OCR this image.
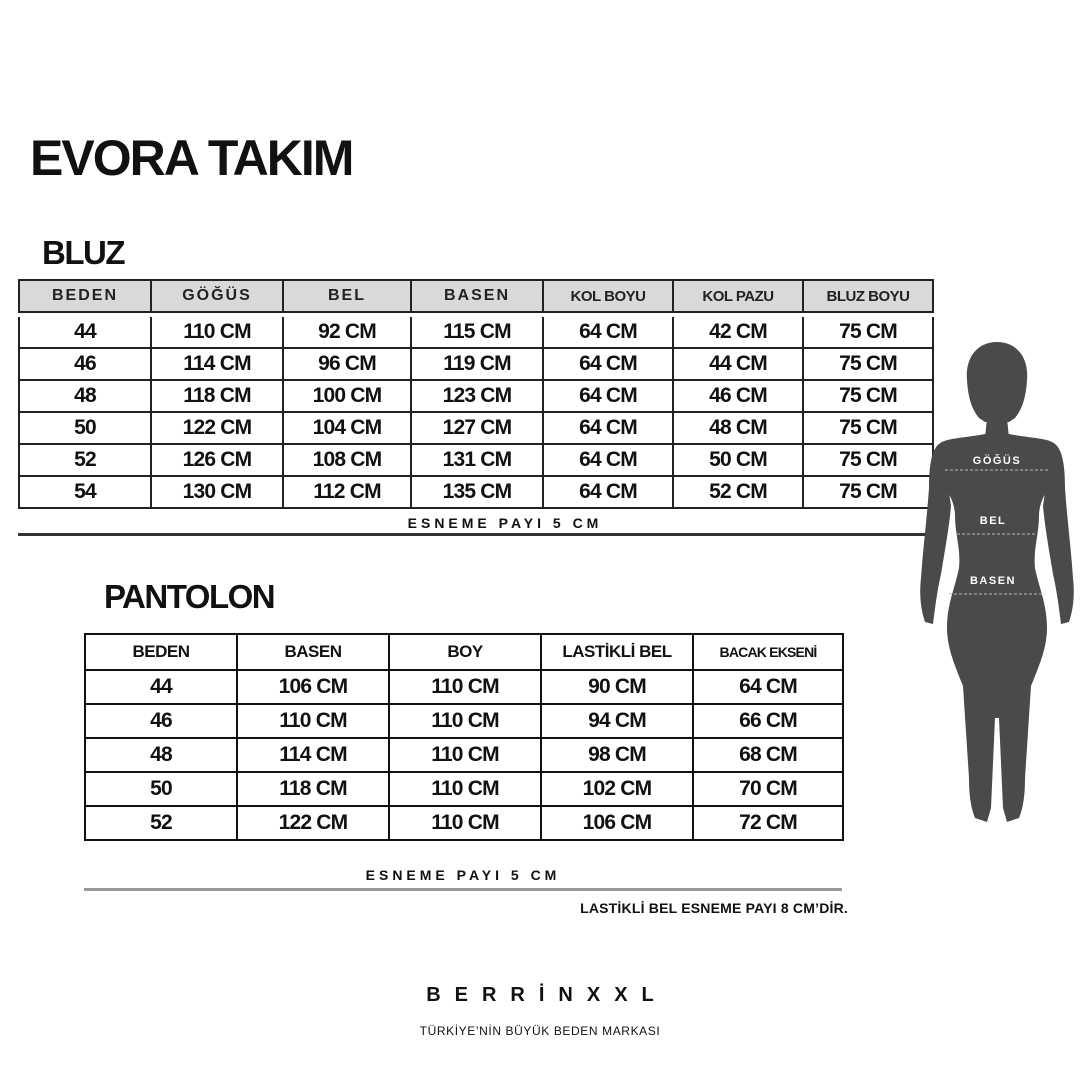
EVORA TAKIM
BLUZ
BEDEN	GÖĞÜS	BEL	BASEN	KOL BOYU	KOL PAZU	BLUZ BOYU

44	110 CM	92 CM	115 CM	64 CM	42 CM	75 CM
46	114 CM	96 CM	119 CM	64 CM	44 CM	75 CM
48	118 CM	100 CM	123 CM	64 CM	46 CM	75 CM
50	122 CM	104 CM	127 CM	64 CM	48 CM	75 CM
52	126 CM	108 CM	131 CM	64 CM	50 CM	75 CM
54	130 CM	112 CM	135 CM	64 CM	52 CM	75 CM
ESNEME PAYI 5 CM
PANTOLON
BEDEN	BASEN	BOY	LASTİKLİ BEL	BACAK EKSENİ
44	106 CM	110 CM	90 CM	64 CM
46	110 CM	110 CM	94 CM	66 CM
48	114 CM	110 CM	98 CM	68 CM
50	118 CM	110 CM	102 CM	70 CM
52	122 CM	110 CM	106 CM	72 CM
ESNEME PAYI 5 CM
LASTİKLİ BEL ESNEME PAYI 8 CM’DİR.
BERRİNXXL
TÜRKİYE’NİN BÜYÜK BEDEN MARKASI
GÖĞÜS
BEL
BASEN
